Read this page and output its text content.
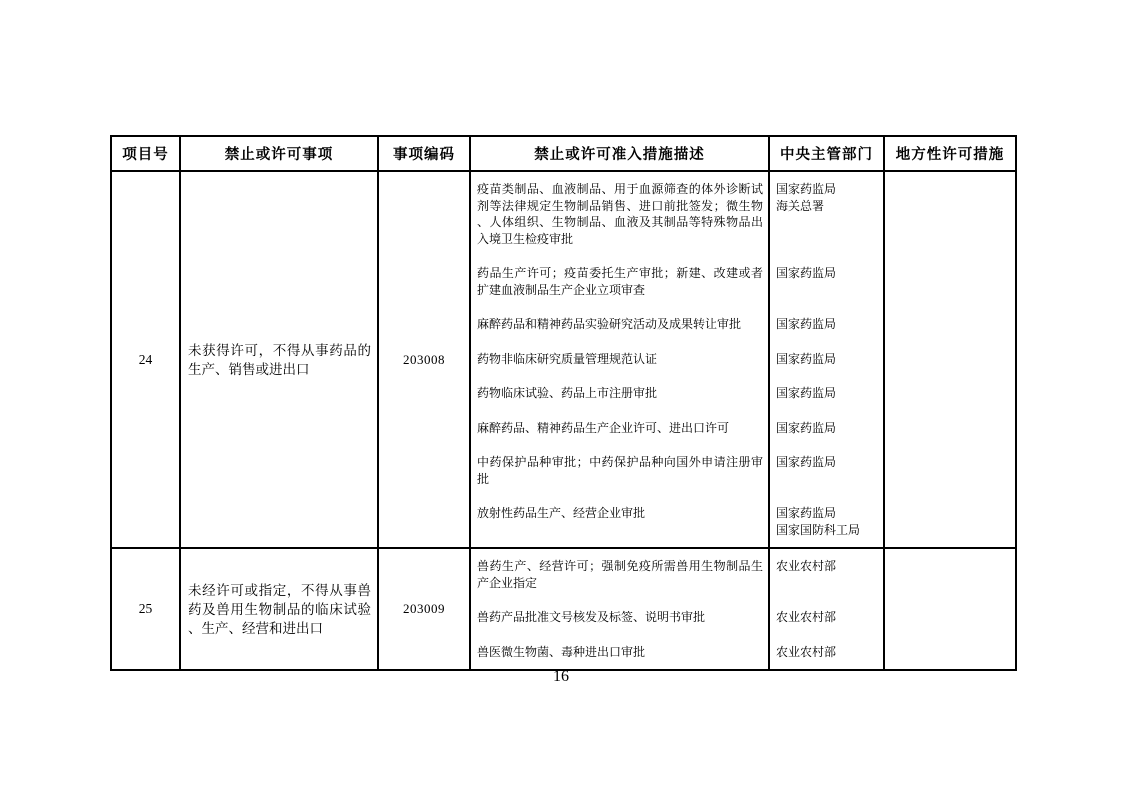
项目号	禁止或许可事项	事项编码	禁止或许可准入措施描述	中央主管部门	地方性许可措施
24	未获得许可，不得从事药品的生产、销售或进出口	203008	疫苗类制品、血液制品、用于血源筛查的体外诊断试剂等法律规定生物制品销售、进口前批签发；微生物、人体组织、生物制品、血液及其制品等特殊物品出入境卫生检疫审批	国家药监局
海关总署	

			药品生产许可；疫苗委托生产审批；新建、改建或者扩建血液制品生产企业立项审查	国家药监局	

			麻醉药品和精神药品实验研究活动及成果转让审批	国家药监局	

			药物非临床研究质量管理规范认证	国家药监局	

			药物临床试验、药品上市注册审批	国家药监局	

			麻醉药品、精神药品生产企业许可、进出口许可	国家药监局	

			中药保护品种审批；中药保护品种向国外申请注册审批	国家药监局	

			放射性药品生产、经营企业审批	国家药监局
国家国防科工局	

25	未经许可或指定，不得从事兽药及兽用生物制品的临床试验、生产、经营和进出口	203009	兽药生产、经营许可；强制免疫所需兽用生物制品生产企业指定	农业农村部	

			兽药产品批准文号核发及标签、说明书审批	农业农村部	

			兽医微生物菌、毒种进出口审批	农业农村部	
16
